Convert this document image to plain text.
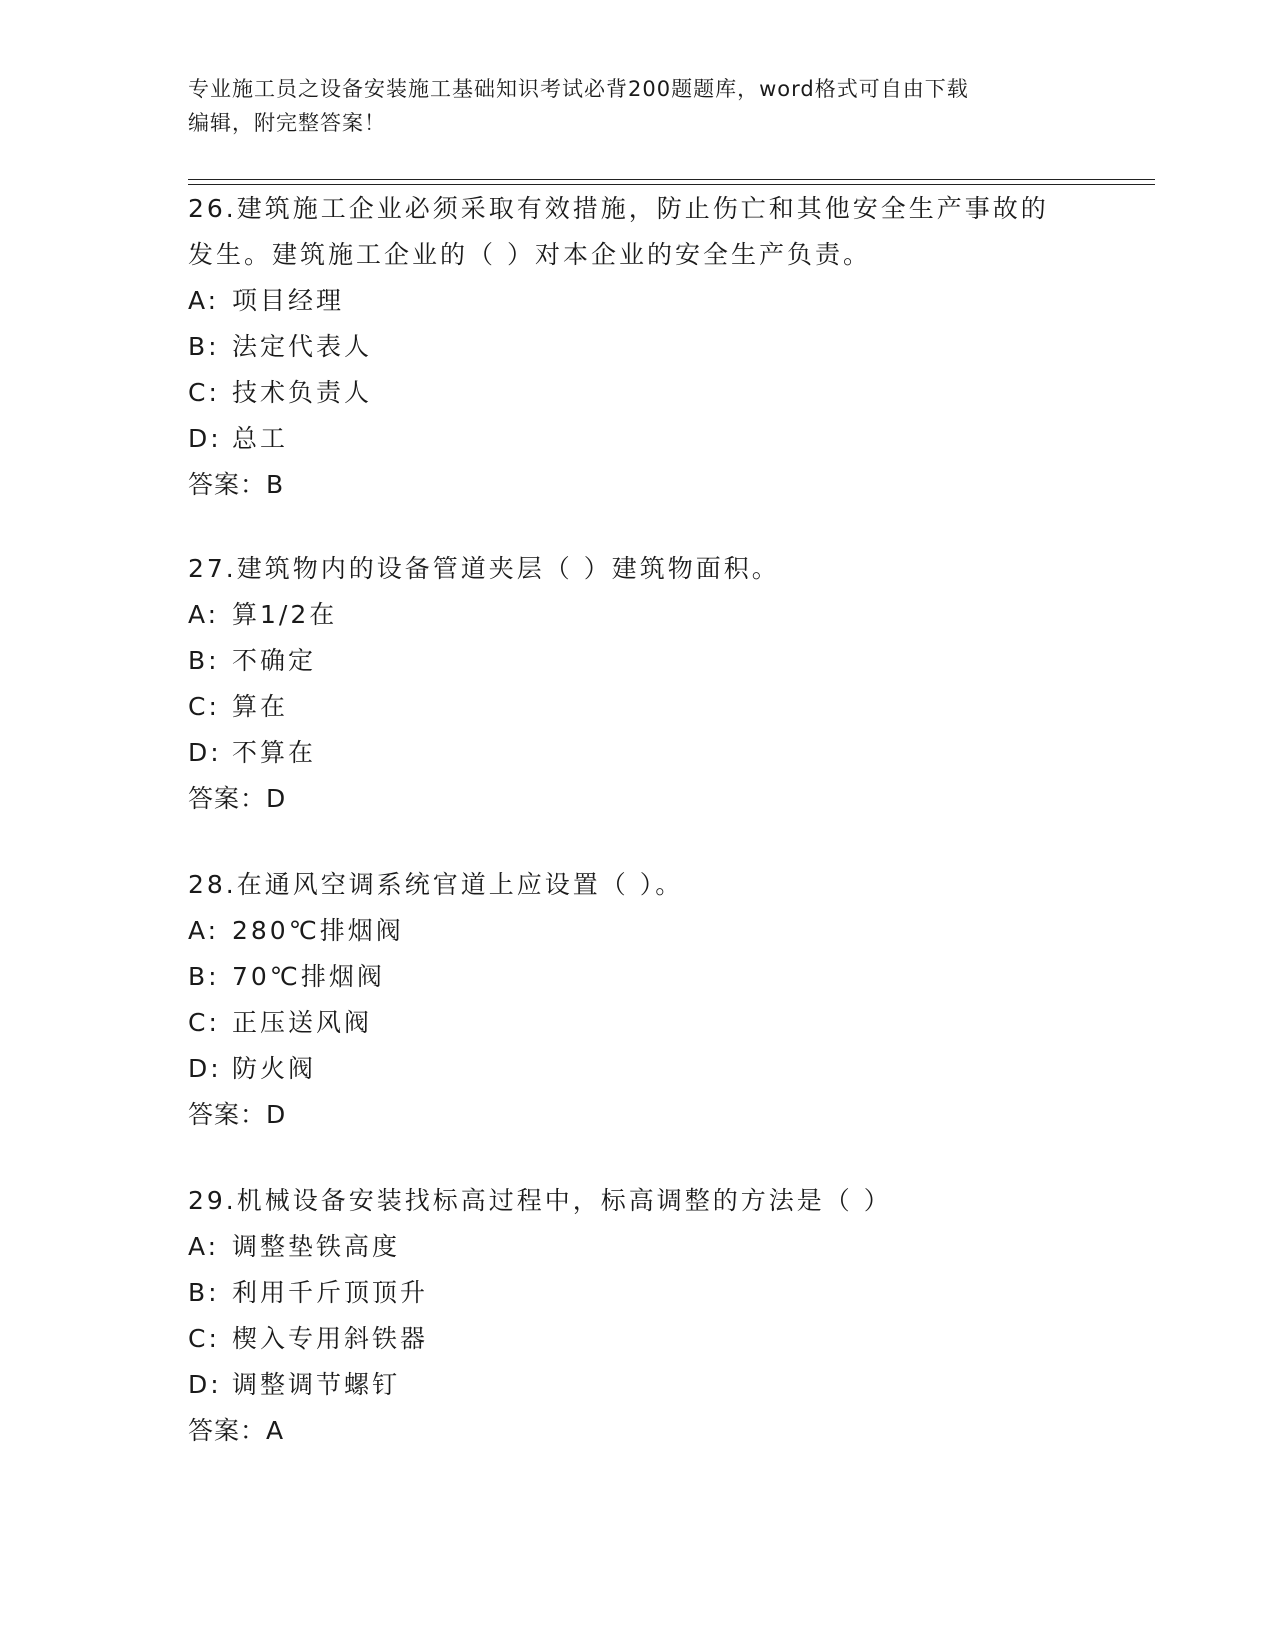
专业施工员之设备安装施工基础知识考试必背200题题库，word格式可自由下载
编辑，附完整答案！

26.建筑施工企业必须采取有效措施，防止伤亡和其他安全生产事故的

发生。建筑施工企业的（ ）对本企业的安全生产负责。

A: 项目经理

B: 法定代表人

C: 技术负责人

D: 总工

答案：B

27.建筑物内的设备管道夹层（ ）建筑物面积。

A: 算1/2在

B: 不确定

C: 算在

D: 不算在

答案：D

28.在通风空调系统官道上应设置（ ）。

A: 280℃排烟阀

B: 70℃排烟阀

C: 正压送风阀

D: 防火阀

答案：D

29.机械设备安装找标高过程中，标高调整的方法是（ ）

A: 调整垫铁高度

B: 利用千斤顶顶升

C: 楔入专用斜铁器

D: 调整调节螺钉

答案：A
